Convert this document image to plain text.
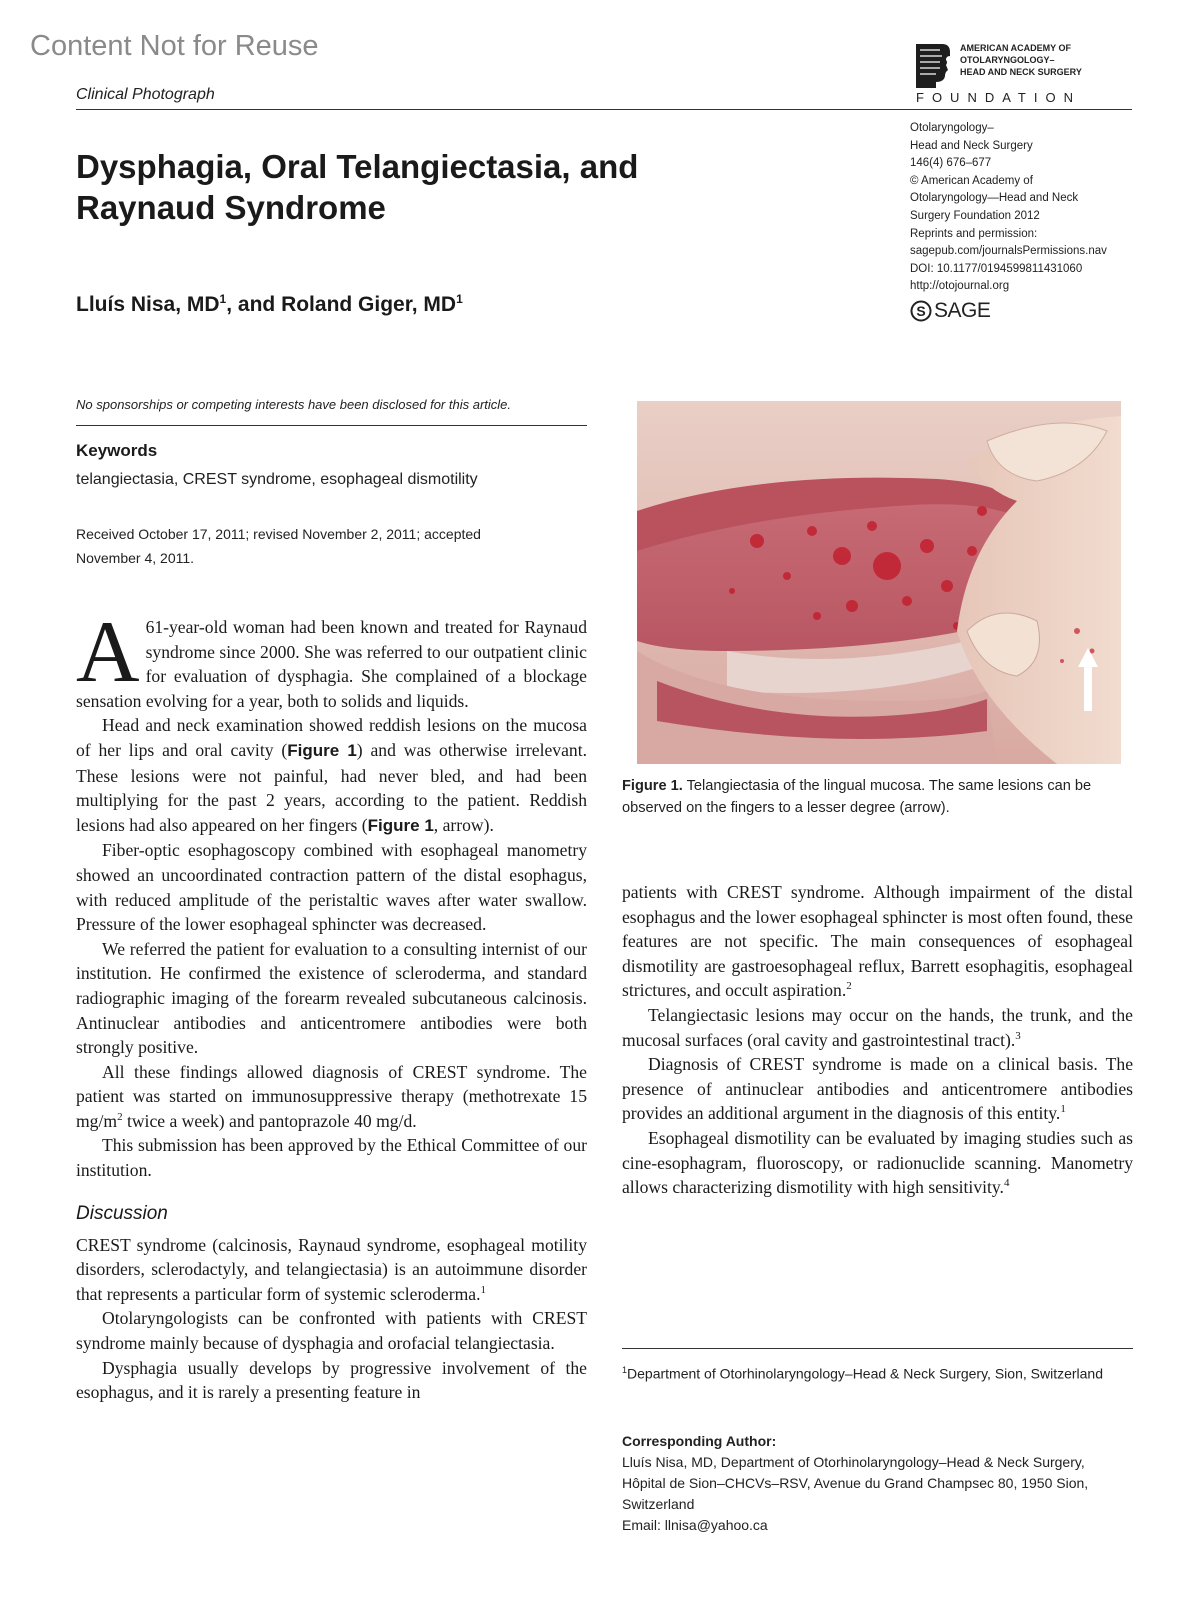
Content Not for Reuse
Clinical Photograph
AMERICAN ACADEMY OF
OTOLARYNGOLOGY–
HEAD AND NECK SURGERY
FOUNDATION
Otolaryngology–
Head and Neck Surgery
146(4) 676–677
© American Academy of
Otolaryngology—Head and Neck
Surgery Foundation 2012
Reprints and permission:
sagepub.com/journalsPermissions.nav
DOI: 10.1177/0194599811431060
http://otojournal.org
S SAGE
Dysphagia, Oral Telangiectasia, and Raynaud Syndrome
Lluís Nisa, $MD^1$, and Roland Giger, $MD^1$
No sponsorships or competing interests have been disclosed for this article.
Keywords
telangiectasia, CREST syndrome, esophageal dismotility
Received October 17, 2011; revised November 2, 2011; accepted
November 4, 2011.

A 61-year-old woman had been known and treated for Raynaud syndrome since 2000. She was referred to our outpatient clinic for evaluation of dysphagia. She complained of a blockage sensation evolving for a year, both to solids and liquids.

Head and neck examination showed reddish lesions on the mucosa of her lips and oral cavity (Figure 1) and was otherwise irrelevant. These lesions were not painful, had never bled, and had been multiplying for the past 2 years, according to the patient. Reddish lesions had also appeared on her fingers (Figure 1, arrow).

Fiber-optic esophagoscopy combined with esophageal manometry showed an uncoordinated contraction pattern of the distal esophagus, with reduced amplitude of the peristaltic waves after water swallow. Pressure of the lower esophageal sphincter was decreased.

We referred the patient for evaluation to a consulting internist of our institution. He confirmed the existence of scleroderma, and standard radiographic imaging of the forearm revealed subcutaneous calcinosis. Antinuclear antibodies and anticentromere antibodies were both strongly positive.

All these findings allowed diagnosis of CREST syndrome. The patient was started on immunosuppressive therapy (methotrexate 15 $mg/m^2$ twice a week) and pantoprazole 40 mg/d.

This submission has been approved by the Ethical Committee of our institution.

Discussion

CREST syndrome (calcinosis, Raynaud syndrome, esophageal motility disorders, sclerodactyly, and telangiectasia) is an autoimmune disorder that represents a particular form of systemic scleroderma.$^1$

Otolaryngologists can be confronted with patients with CREST syndrome mainly because of dysphagia and orofacial telangiectasia.

Dysphagia usually develops by progressive involvement of the esophagus, and it is rarely a presenting feature in

Figure 1. Telangiectasia of the lingual mucosa. The same lesions can be observed on the fingers to a lesser degree (arrow).

patients with CREST syndrome. Although impairment of the distal esophagus and the lower esophageal sphincter is most often found, these features are not specific. The main consequences of esophageal dismotility are gastroesophageal reflux, Barrett esophagitis, esophageal strictures, and occult aspiration.$^2$

Telangiectasic lesions may occur on the hands, the trunk, and the mucosal surfaces (oral cavity and gastrointestinal tract).$^3$

Diagnosis of CREST syndrome is made on a clinical basis. The presence of antinuclear antibodies and anticentromere antibodies provides an additional argument in the diagnosis of this entity.$^1$

Esophageal dismotility can be evaluated by imaging studies such as cine-esophagram, fluoroscopy, or radionuclide scanning. Manometry allows characterizing dismotility with high sensitivity.$^4$

$^1$Department of Otorhinolaryngology–Head & Neck Surgery, Sion, Switzerland
Corresponding Author:
Lluís Nisa, MD, Department of Otorhinolaryngology–Head & Neck Surgery,
Hôpital de Sion–CHCVs–RSV, Avenue du Grand Champsec 80, 1950 Sion,
Switzerland
Email: llnisa@yahoo.ca
